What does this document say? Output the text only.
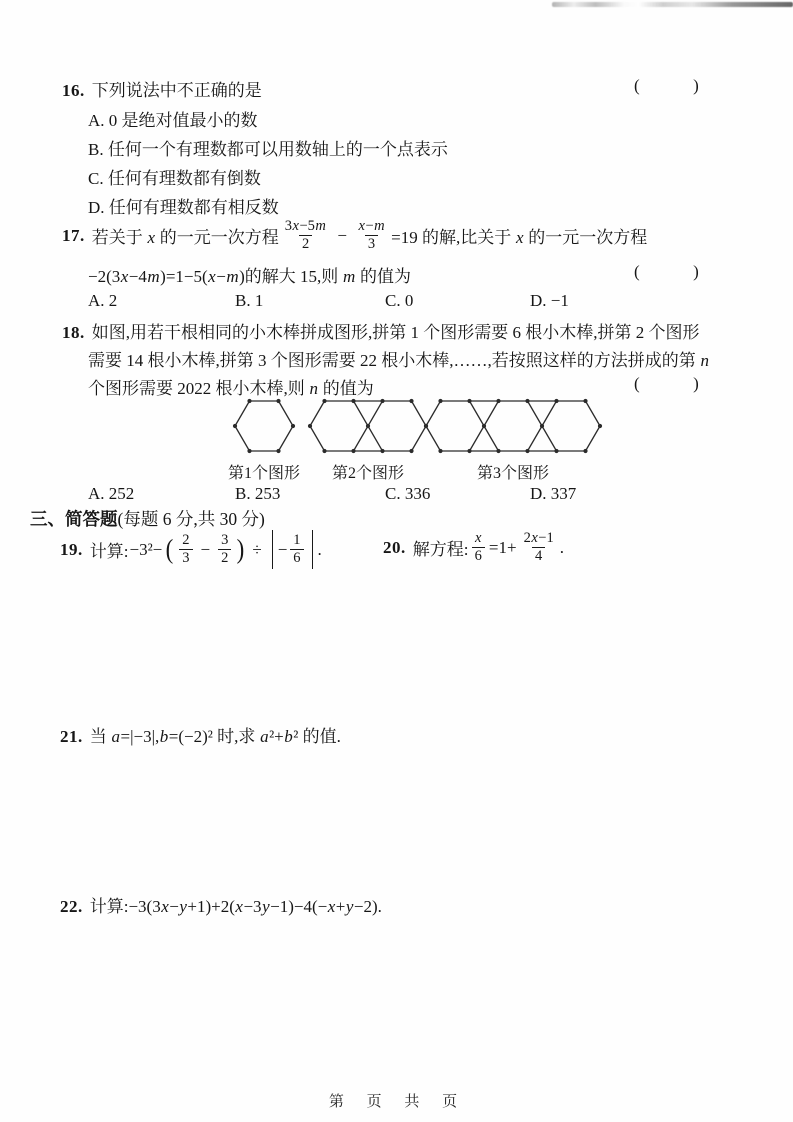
16. 下列说法中不正确的是	(          )
A. 0 是绝对值最小的数
B. 任何一个有理数都可以用数轴上的一个点表示
C. 任何有理数都有倒数
D. 任何有理数都有相反数
17. 若关于 x 的一元一次方程 $\frac{3x-5m}{2} - \frac{x-m}{3} =19$ 的解,比关于 x 的一元一次方程
−2(3x−4m)=1−5(x−m)的解大 15,则 m 的值为	(          )
A. 2	B. 1	C. 0	D. −1
18. 如图,用若干根相同的小木棒拼成图形,拼第 1 个图形需要 6 根小木棒,拼第 2 个图形
需要 14 根小木棒,拼第 3 个图形需要 22 根小木棒,……,若按照这样的方法拼成的第 n
个图形需要 2022 根小木棒,则 n 的值为	(          )
第1个图形 第2个图形	第3个图形
A. 252	B. 253	C. 336	D. 337
三、简答题(每题 6 分,共 30 分)
19. 计算: −3²− ( $\frac{2}{3} - \frac{3}{2}$ ) ÷ − $\frac{1}{6}$ .	20. 解方程: $\frac{x}{6} =1+ \frac{2x-1}{4}$ .
21. 当 a=|−3|,b=(−2)² 时,求 a²+b² 的值.
22. 计算:−3(3x−y+1)+2(x−3y−1)−4(−x+y−2).
第 页 共 页
